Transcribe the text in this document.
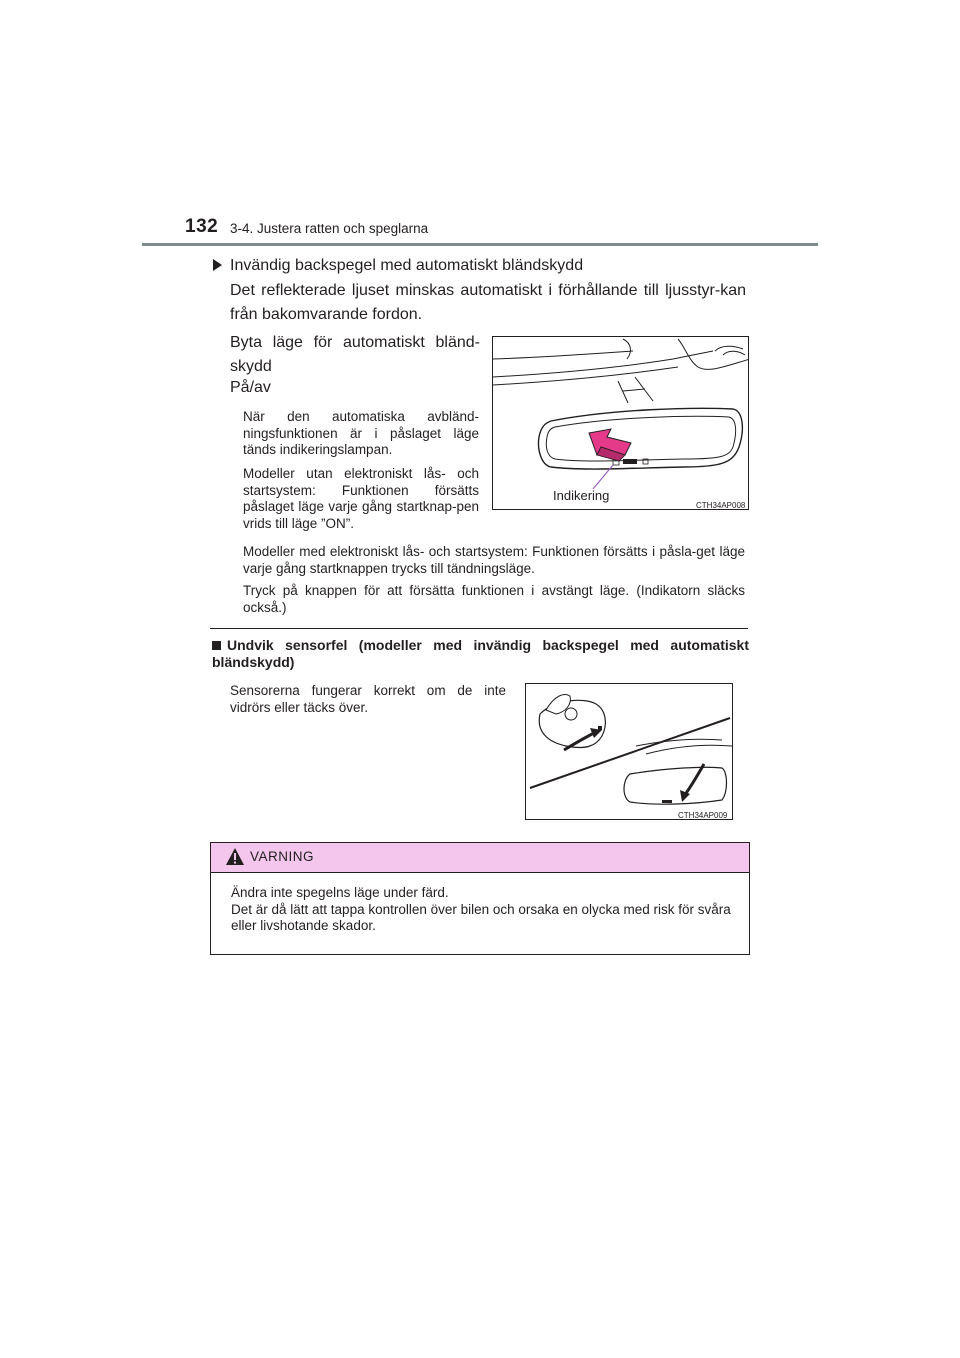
132 3-4. Justera ratten och speglarna
Invändig backspegel med automatiskt bländskydd
Det reflekterade ljuset minskas automatiskt i förhållande till ljusstyr-kan från bakomvarande fordon.
Byta läge för automatiskt bländ-skydd
På/av
När den automatiska avbländ-ningsfunktionen är i påslaget läge tänds indikeringslampan.
Modeller utan elektroniskt lås- och startsystem: Funktionen försätts påslaget läge varje gång startknap-pen vrids till läge ”ON”.
Modeller med elektroniskt lås- och startsystem: Funktionen försätts i påsla-get läge varje gång startknappen trycks till tändningsläge.
Tryck på knappen för att försätta funktionen i avstängt läge. (Indikatorn släcks också.)
Indikering
CTH34AP008
Undvik sensorfel (modeller med invändig backspegel med automatiskt bländskydd)
Sensorerna fungerar korrekt om de inte vidrörs eller täcks över.
CTH34AP009
VARNING
Ändra inte spegelns läge under färd.
Det är då lätt att tappa kontrollen över bilen och orsaka en olycka med risk för svåra eller livshotande skador.
